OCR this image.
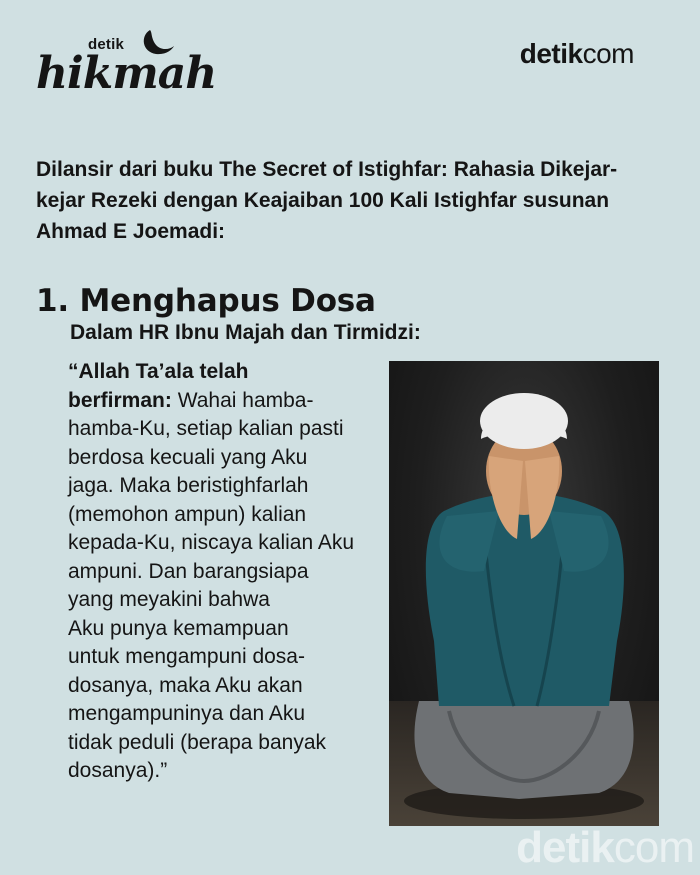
detik
hikmah	detikcom
Dilansir dari buku The Secret of Istighfar: Rahasia Dikejar-kejar Rezeki dengan Keajaiban 100 Kali Istighfar susunan Ahmad E Joemadi:
1. Menghapus Dosa
Dalam HR Ibnu Majah dan Tirmidzi:
“Allah Ta’ala telah
berfirman: Wahai hamba-
hamba-Ku, setiap kalian pasti
berdosa kecuali yang Aku
jaga. Maka beristighfarlah
(memohon ampun) kalian
kepada-Ku, niscaya kalian Aku
ampuni. Dan barangsiapa
yang meyakini bahwa
Aku punya kemampuan
untuk mengampuni dosa-
dosanya, maka Aku akan
mengampuninya dan Aku
tidak peduli (berapa banyak
dosanya).”
detikcom
